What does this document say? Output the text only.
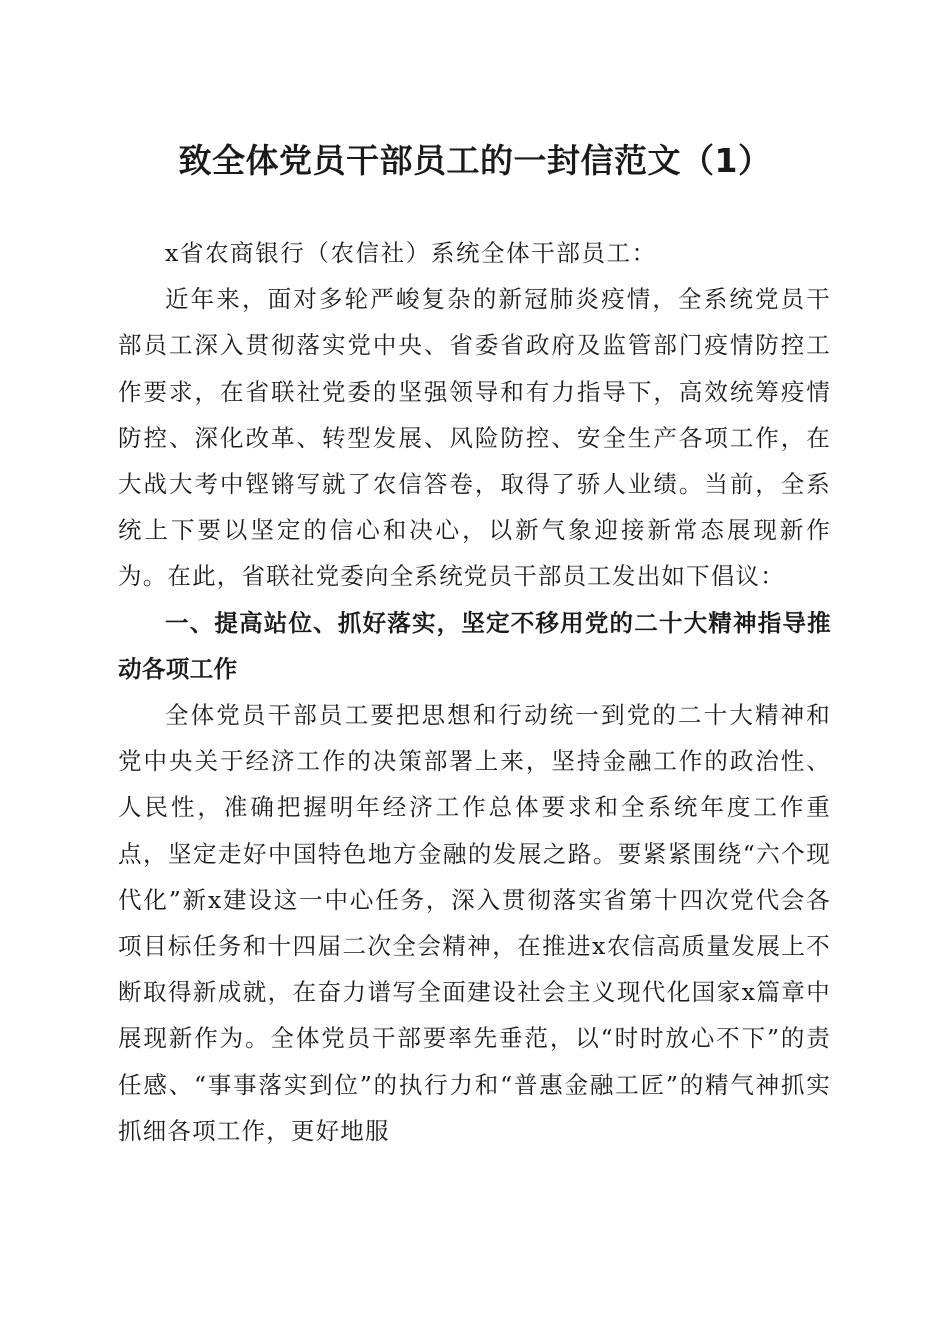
致全体党员干部员工的一封信范文（1）

x省农商银行（农信社）系统全体干部员工：

近年来，面对多轮严峻复杂的新冠肺炎疫情，全系统党员干部员工深入贯彻落实党中央、省委省政府及监管部门疫情防控工作要求，在省联社党委的坚强领导和有力指导下，高效统筹疫情防控、深化改革、转型发展、风险防控、安全生产各项工作，在大战大考中铿锵写就了农信答卷，取得了骄人业绩。当前，全系统上下要以坚定的信心和决心，以新气象迎接新常态展现新作为。在此，省联社党委向全系统党员干部员工发出如下倡议：

一、提高站位、抓好落实，坚定不移用党的二十大精神指导推动各项工作

全体党员干部员工要把思想和行动统一到党的二十大精神和党中央关于经济工作的决策部署上来，坚持金融工作的政治性、人民性，准确把握明年经济工作总体要求和全系统年度工作重点，坚定走好中国特色地方金融的发展之路。要紧紧围绕“六个现代化”新x建设这一中心任务，深入贯彻落实省第十四次党代会各项目标任务和十四届二次全会精神，在推进x农信高质量发展上不断取得新成就，在奋力谱写全面建设社会主义现代化国家x篇章中展现新作为。全体党员干部要率先垂范，以“时时放心不下”的责任感、“事事落实到位”的执行力和“普惠金融工匠”的精气神抓实抓细各项工作，更好地服
